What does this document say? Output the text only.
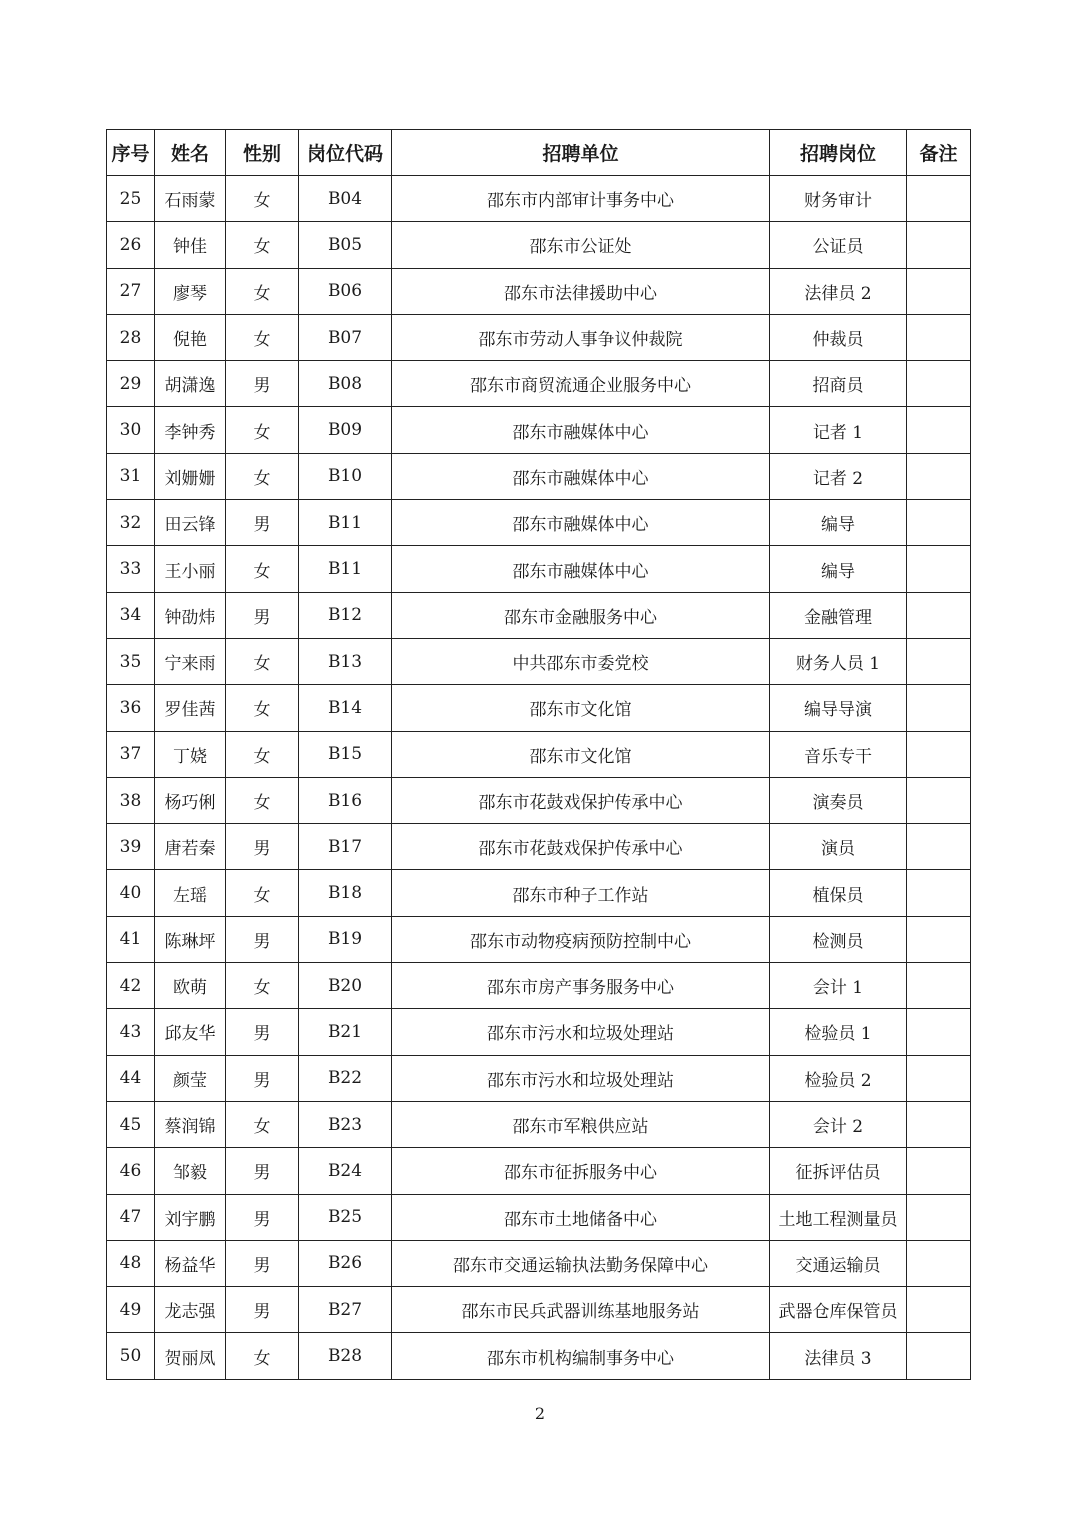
序号	姓名	性别	岗位代码	招聘单位	招聘岗位	备注
25	石雨蒙	女	B04	邵东市内部审计事务中心	财务审计	
26	钟佳	女	B05	邵东市公证处	公证员	
27	廖琴	女	B06	邵东市法律援助中心	法律员 2	
28	倪艳	女	B07	邵东市劳动人事争议仲裁院	仲裁员	
29	胡潇逸	男	B08	邵东市商贸流通企业服务中心	招商员	
30	李钟秀	女	B09	邵东市融媒体中心	记者 1	
31	刘姗姗	女	B10	邵东市融媒体中心	记者 2	
32	田云锋	男	B11	邵东市融媒体中心	编导	
33	王小丽	女	B11	邵东市融媒体中心	编导	
34	钟劭炜	男	B12	邵东市金融服务中心	金融管理	
35	宁来雨	女	B13	中共邵东市委党校	财务人员 1	
36	罗佳茜	女	B14	邵东市文化馆	编导导演	
37	丁娆	女	B15	邵东市文化馆	音乐专干	
38	杨巧俐	女	B16	邵东市花鼓戏保护传承中心	演奏员	
39	唐若秦	男	B17	邵东市花鼓戏保护传承中心	演员	
40	左瑶	女	B18	邵东市种子工作站	植保员	
41	陈琳坪	男	B19	邵东市动物疫病预防控制中心	检测员	
42	欧萌	女	B20	邵东市房产事务服务中心	会计 1	
43	邱友华	男	B21	邵东市污水和垃圾处理站	检验员 1	
44	颜莹	男	B22	邵东市污水和垃圾处理站	检验员 2	
45	蔡润锦	女	B23	邵东市军粮供应站	会计 2	
46	邹毅	男	B24	邵东市征拆服务中心	征拆评估员	
47	刘宇鹏	男	B25	邵东市土地储备中心	土地工程测量员	
48	杨益华	男	B26	邵东市交通运输执法勤务保障中心	交通运输员	
49	龙志强	男	B27	邵东市民兵武器训练基地服务站	武器仓库保管员	
50	贺丽凤	女	B28	邵东市机构编制事务中心	法律员 3	
2
